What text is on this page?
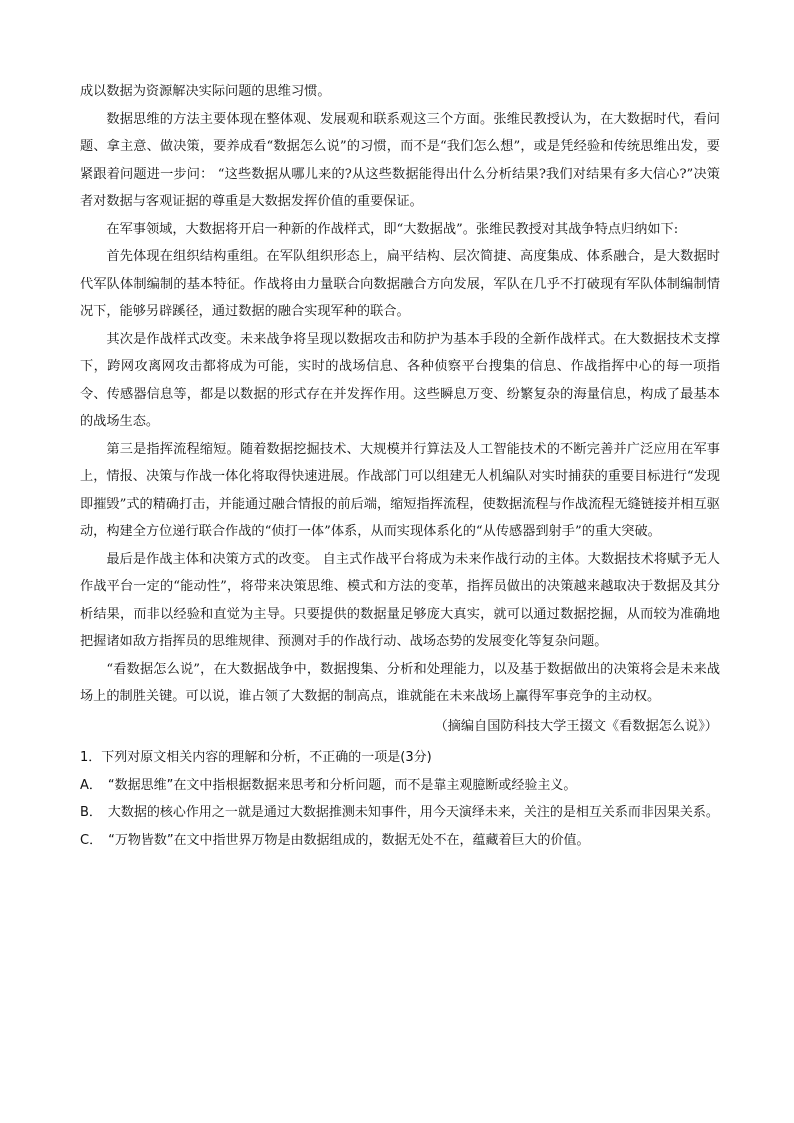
成以数据为资源解决实际问题的思维习惯。

数据思维的方法主要体现在整体观、发展观和联系观这三个方面。张维民教授认为，在大数据时代，看问题、拿主意、做决策，要养成看“数据怎么说”的习惯，而不是“我们怎么想”，或是凭经验和传统思维出发，要紧跟着问题进一步问： “这些数据从哪儿来的?从这些数据能得出什么分析结果?我们对结果有多大信心?”决策者对数据与客观证据的尊重是大数据发挥价值的重要保证。

在军事领域，大数据将开启一种新的作战样式，即“大数据战”。张维民教授对其战争特点归纳如下:

首先体现在组织结构重组。在军队组织形态上，扁平结构、层次简捷、高度集成、体系融合，是大数据时代军队体制编制的基本特征。作战将由力量联合向数据融合方向发展，军队在几乎不打破现有军队体制编制情况下，能够另辟蹊径，通过数据的融合实现军种的联合。

其次是作战样式改变。未来战争将呈现以数据攻击和防护为基本手段的全新作战样式。在大数据技术支撑下，跨网攻离网攻击都将成为可能，实时的战场信息、各种侦察平台搜集的信息、作战指挥中心的每一项指令、传感器信息等，都是以数据的形式存在并发挥作用。这些瞬息万变、纷繁复杂的海量信息，构成了最基本的战场生态。

第三是指挥流程缩短。随着数据挖掘技术、大规模并行算法及人工智能技术的不断完善并广泛应用在军事上，情报、决策与作战一体化将取得快速进展。作战部门可以组建无人机编队对实时捕获的重要目标进行“发现即摧毁”式的精确打击，并能通过融合情报的前后端，缩短指挥流程，使数据流程与作战流程无缝链接并相互驱动，构建全方位递行联合作战的“侦打一体”体系，从而实现体系化的“从传感器到射手”的重大突破。

最后是作战主体和决策方式的改变。 自主式作战平台将成为未来作战行动的主体。大数据技术将赋予无人作战平台一定的“能动性”，将带来决策思维、模式和方法的变革，指挥员做出的决策越来越取决于数据及其分析结果，而非以经验和直觉为主导。只要提供的数据量足够庞大真实，就可以通过数据挖掘，从而较为准确地把握诸如敌方指挥员的思维规律、预测对手的作战行动、战场态势的发展变化等复杂问题。

“看数据怎么说”，在大数据战争中，数据搜集、分析和处理能力，以及基于数据做出的决策将会是未来战场上的制胜关键。可以说，谁占领了大数据的制高点，谁就能在未来战场上赢得军事竞争的主动权。

（摘编自国防科技大学王掇文《看数据怎么说》）

1．下列对原文相关内容的理解和分析，不正确的一项是(3分)

A． “数据思维”在文中指根据数据来思考和分析问题，而不是靠主观臆断或经验主义。

B． 大数据的核心作用之一就是通过大数据推测未知事件，用今天演绎未来，关注的是相互关系而非因果关系。

C． “万物皆数”在文中指世界万物是由数据组成的，数据无处不在，蕴藏着巨大的价值。
